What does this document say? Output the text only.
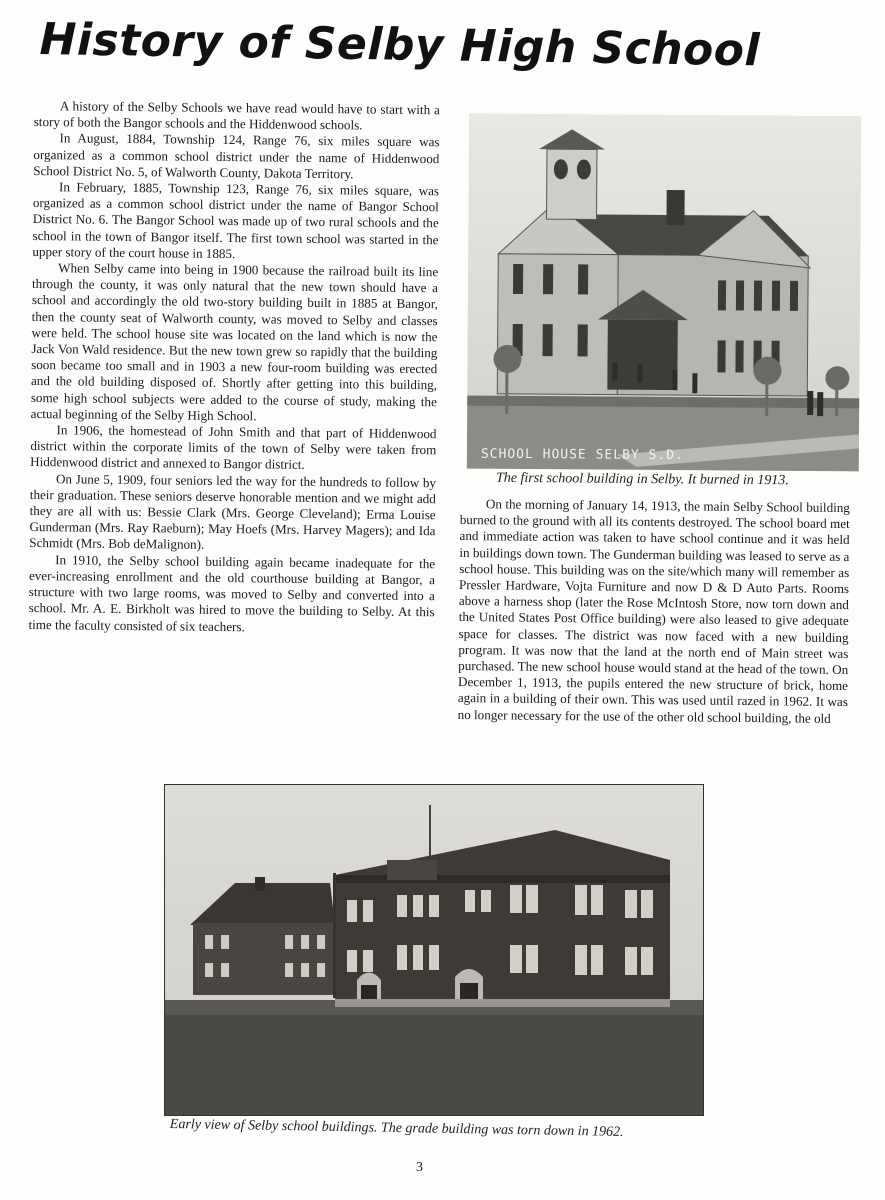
History of Selby High School

A history of the Selby Schools we have read would have to start with a story of both the Bangor schools and the Hiddenwood schools.

In August, 1884, Township 124, Range 76, six miles square was organized as a common school district under the name of Hiddenwood School District No. 5, of Walworth County, Dakota Territory.

In February, 1885, Township 123, Range 76, six miles square, was organized as a common school district under the name of Bangor School District No. 6. The Bangor School was made up of two rural schools and the school in the town of Bangor itself. The first town school was started in the upper story of the court house in 1885.

When Selby came into being in 1900 because the railroad built its line through the county, it was only natural that the new town should have a school and accordingly the old two-story building built in 1885 at Bangor, then the county seat of Walworth county, was moved to Selby and classes were held. The school house site was located on the land which is now the Jack Von Wald residence. But the new town grew so rapidly that the building soon became too small and in 1903 a new four-room building was erected and the old building disposed of. Shortly after getting into this building, some high school subjects were added to the course of study, making the actual beginning of the Selby High School.

In 1906, the homestead of John Smith and that part of Hiddenwood district within the corporate limits of the town of Selby were taken from Hiddenwood district and annexed to Bangor district.

On June 5, 1909, four seniors led the way for the hundreds to follow by their graduation. These seniors deserve honorable mention and we might add they are all with us: Bessie Clark (Mrs. George Cleveland); Erma Louise Gunderman (Mrs. Ray Raeburn); May Hoefs (Mrs. Harvey Magers); and Ida Schmidt (Mrs. Bob deMalignon).

In 1910, the Selby school building again became inadequate for the ever-increasing enrollment and the old courthouse building at Bangor, a structure with two large rooms, was moved to Selby and converted into a school. Mr. A. E. Birkholt was hired to move the building to Selby. At this time the faculty consisted of six teachers.

SCHOOL HOUSE SELBY S.D.
The first school building in Selby. It burned in 1913.

On the morning of January 14, 1913, the main Selby School building burned to the ground with all its contents destroyed. The school board met and immediate action was taken to have school continue and it was held in buildings down town. The Gunderman building was leased to serve as a school house. This building was on the site/which many will remember as Pressler Hardware, Vojta Furniture and now D & D Auto Parts. Rooms above a harness shop (later the Rose McIntosh Store, now torn down and the United States Post Office building) were also leased to give adequate space for classes. The district was now faced with a new building program. It was now that the land at the north end of Main street was purchased. The new school house would stand at the head of the town. On December 1, 1913, the pupils entered the new structure of brick, home again in a building of their own. This was used until razed in 1962. It was no longer necessary for the use of the other old school building, the old

Early view of Selby school buildings. The grade building was torn down in 1962.
3
